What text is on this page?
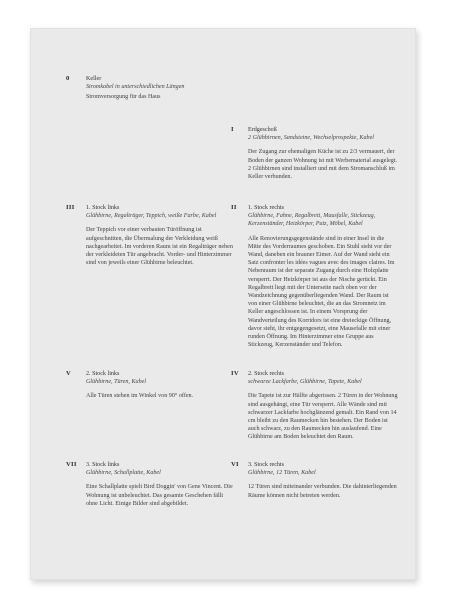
0	Keller
Stromkabel in unterschiedlichen Längen
Stromversorgung für das Haus
I Erdgeschoß
2 Glühbirnen, Sandsteine, Wechselprospekte, Kabel
Der Zugang zur ehemaligen Küche ist zu 2/3 vermauert, der Boden der ganzen Wohnung ist mit Werbematerial ausgelegt. 2 Glühbirnen sind installiert und mit dem Stromanschluß im Keller verbunden.
III 1. Stock links
Glühbirne, Regalträger, Teppich, weiße Farbe, Kabel
Der Teppich vor einer verbauten Türöffnung ist aufgeschnitten, die Übermalung der Verkleidung weiß nachgearbeitet. Im vorderen Raum ist ein Regalträger neben der verkleideten Tür angebracht. Vorder- und Hinterzimmer sind von jeweils einer Glühbirne beleuchtet.
II 1. Stock rechts
Glühbirne, Fahne, Regalbrett, Mausfalle, Stickzeug, Kerzenständer, Heizkörper, Putz, Möbel, Kabel
Alle Renovierungsgegenstände sind in einer Insel in die Mitte des Vorderraumes geschoben. Ein Stuhl steht vor der Wand, daneben ein brauner Eimer. Auf der Wand steht ein Satz confronter les idées vagues avec des images claires. Im Nebenraum ist der separate Zugang durch eine Holzplatte versperrt. Der Heizkörper ist aus der Nische gerückt. Ein Regalbrett liegt mit der Unterseite nach oben vor der Wandzeichnung gegenüberliegenden Wand. Der Raum ist von einer Glühbirne beleuchtet, die an das Stromnetz im Keller angeschlossen ist. In einem Vorsprung der Wandverteilung des Korridors ist eine dreieckige Öffnung, davor steht, ihr entgegengesetzt, eine Mausefalle mit einer runden Öffnung. Im Hinterzimmer eine Gruppe aus Stickzeug, Kerzenständer und Telefon.
V 2. Stock links
Glühbirne, Türen, Kabel
Alle Türen stehen im Winkel von 90° offen.
IV 2. Stock rechts
schwarze Lackfarbe, Glühbirne, Tapete, Kabel
Die Tapete ist zur Hälfte abgerissen. 2 Türen in der Wohnung sind ausgehängt, eine Tür versperrt. Alle Wände sind mit schwarzer Lackfarbe hochglänzend gemalt. Ein Rand von 14 cm bleibt zu den Raumecken hin bestehen. Der Boden ist auch schwarz, zu den Raumecken hin auslaufend. Eine Glühbirne am Boden beleuchtet den Raum.
VII 3. Stock links
Glühbirne, Schallplatte, Kabel
Eine Schallplatte spielt Bird Doggin' von Gene Vincent. Die Wohnung ist unbeleuchtet. Das gesamte Geschehen fällt ohne Licht. Einige Bilder sind abgebildet.
VI 3. Stock rechts
Glühbirne, 12 Türen, Kabel
12 Türen sind miteinander verbunden. Die dahinterliegenden Räume können nicht betreten werden.
